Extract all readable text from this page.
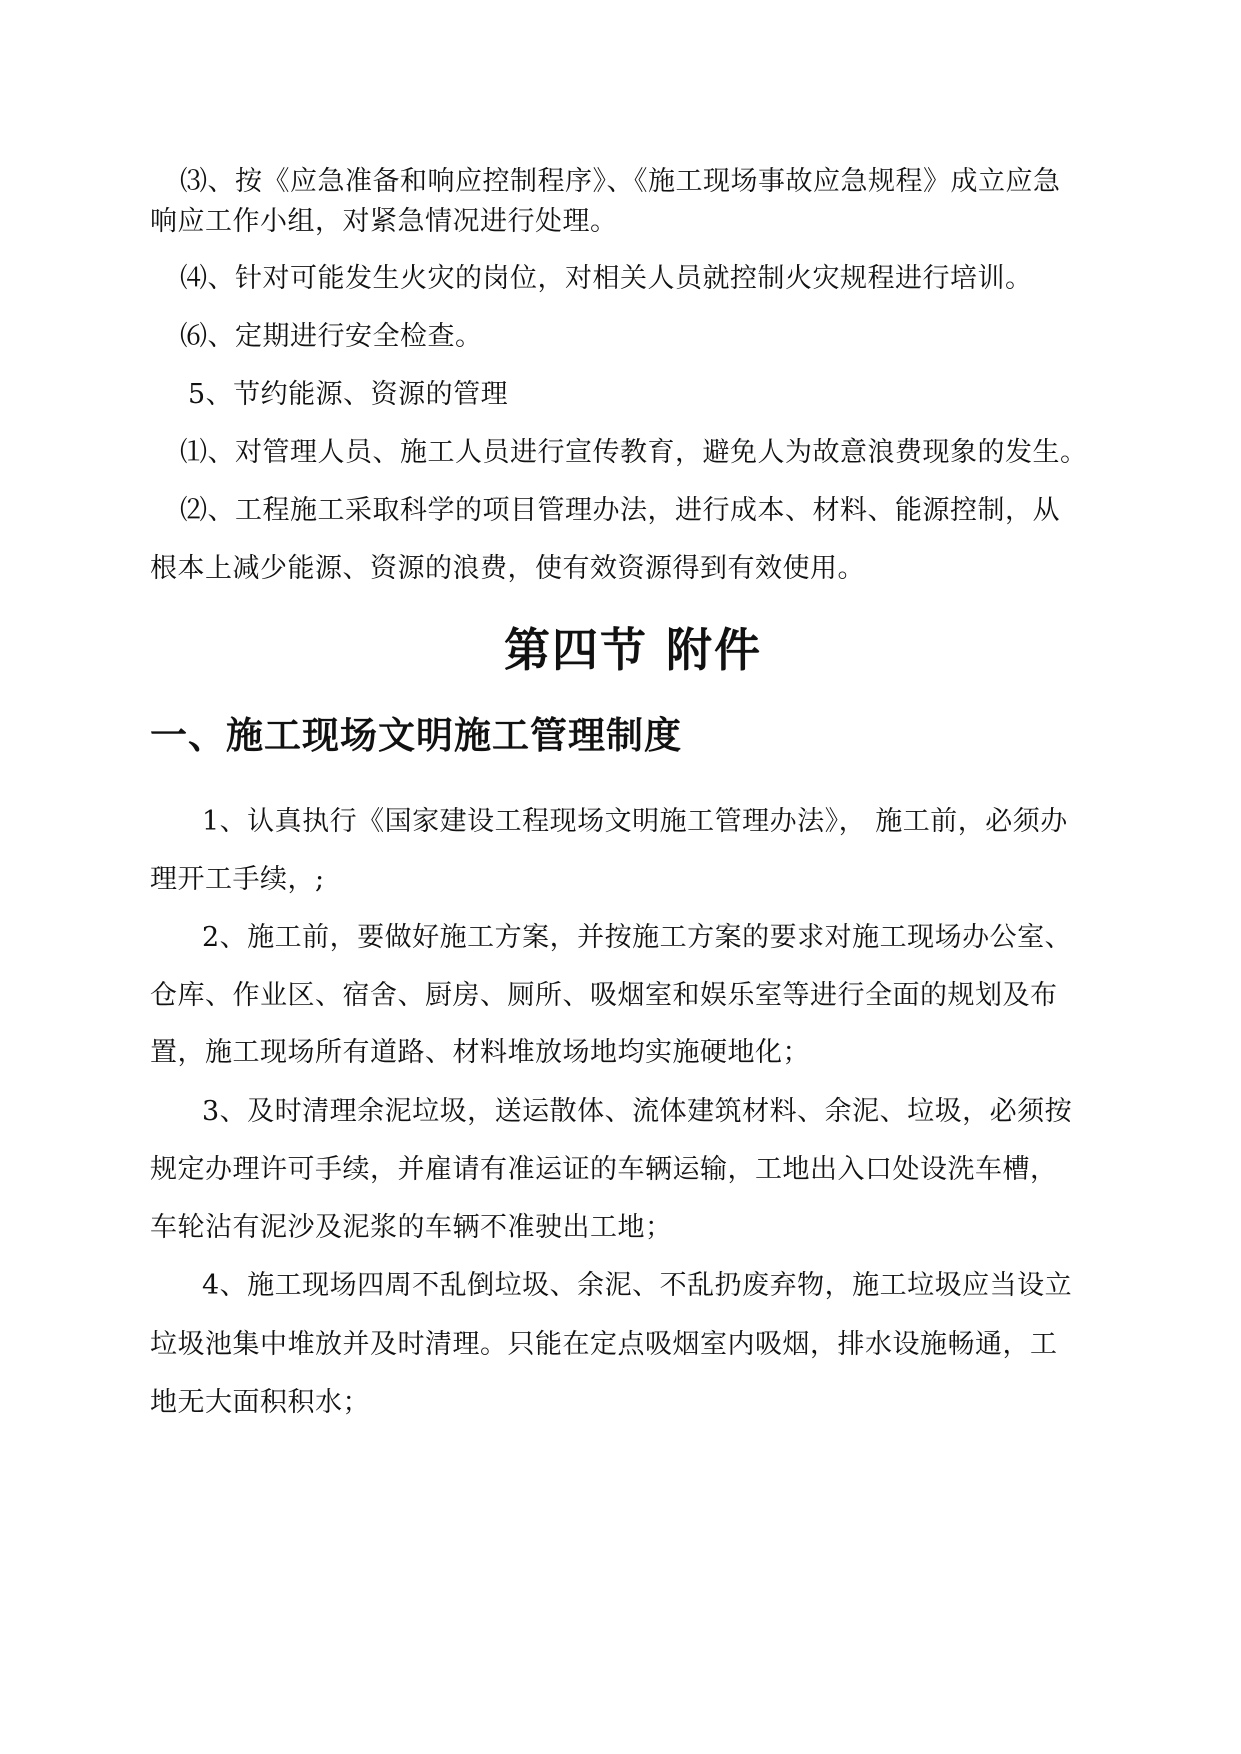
⑶、按《应急准备和响应控制程序》、《施工现场事故应急规程》成立应急
响应工作小组，对紧急情况进行处理。
⑷、针对可能发生火灾的岗位，对相关人员就控制火灾规程进行培训。
⑹、定期进行安全检查。
5、节约能源、资源的管理
⑴、对管理人员、施工人员进行宣传教育，避免人为故意浪费现象的发生。
⑵、工程施工采取科学的项目管理办法，进行成本、材料、能源控制，从
根本上减少能源、资源的浪费，使有效资源得到有效使用。
第四节 附件
一、施工现场文明施工管理制度
1、认真执行《国家建设工程现场文明施工管理办法》， 施工前，必须办
理开工手续，;
2、施工前，要做好施工方案，并按施工方案的要求对施工现场办公室、
仓库、作业区、宿舍、厨房、厕所、吸烟室和娱乐室等进行全面的规划及布
置，施工现场所有道路、材料堆放场地均实施硬地化；
3、及时清理余泥垃圾，送运散体、流体建筑材料、余泥、垃圾，必须按
规定办理许可手续，并雇请有准运证的车辆运输，工地出入口处设洗车槽，
车轮沾有泥沙及泥浆的车辆不准驶出工地；
4、施工现场四周不乱倒垃圾、余泥、不乱扔废弃物，施工垃圾应当设立
垃圾池集中堆放并及时清理。只能在定点吸烟室内吸烟，排水设施畅通，工
地无大面积积水；
